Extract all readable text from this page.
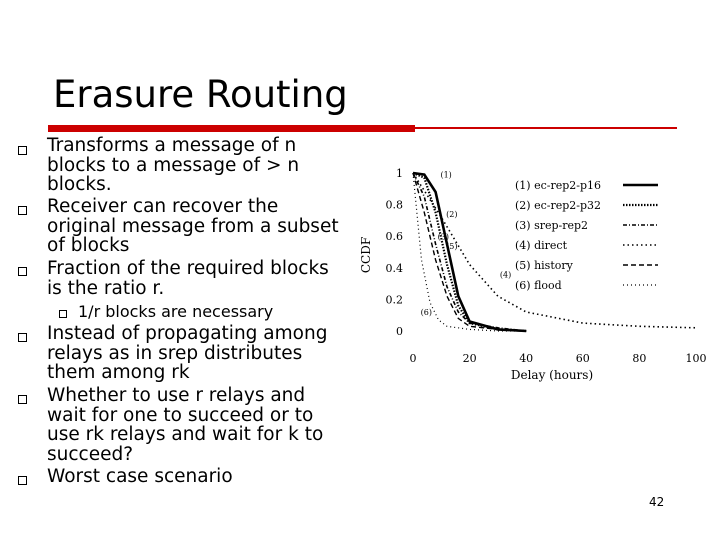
Erasure Routing
Transforms a message of n
blocks to a message of > n
blocks.
Receiver can recover the
original message from a subset
of blocks
Fraction of the required blocks
is the ratio r.
1/r blocks are necessary
Instead of propagating among
relays as in srep distributes
them among rk
Whether to use r relays and
wait for one to succeed or to
use rk relays and wait for k to
succeed?
Worst case scenario
CCDF
Delay (hours)
0
0.2
0.4
0.6
0.8
1
0	20	40	60	80	100
(1)
(2)
(3)
(4)
(5)
(6)
(1) ec-rep2-p16
(2) ec-rep2-p32
(3) srep-rep2
(4) direct
(5) history
(6) flood
42
